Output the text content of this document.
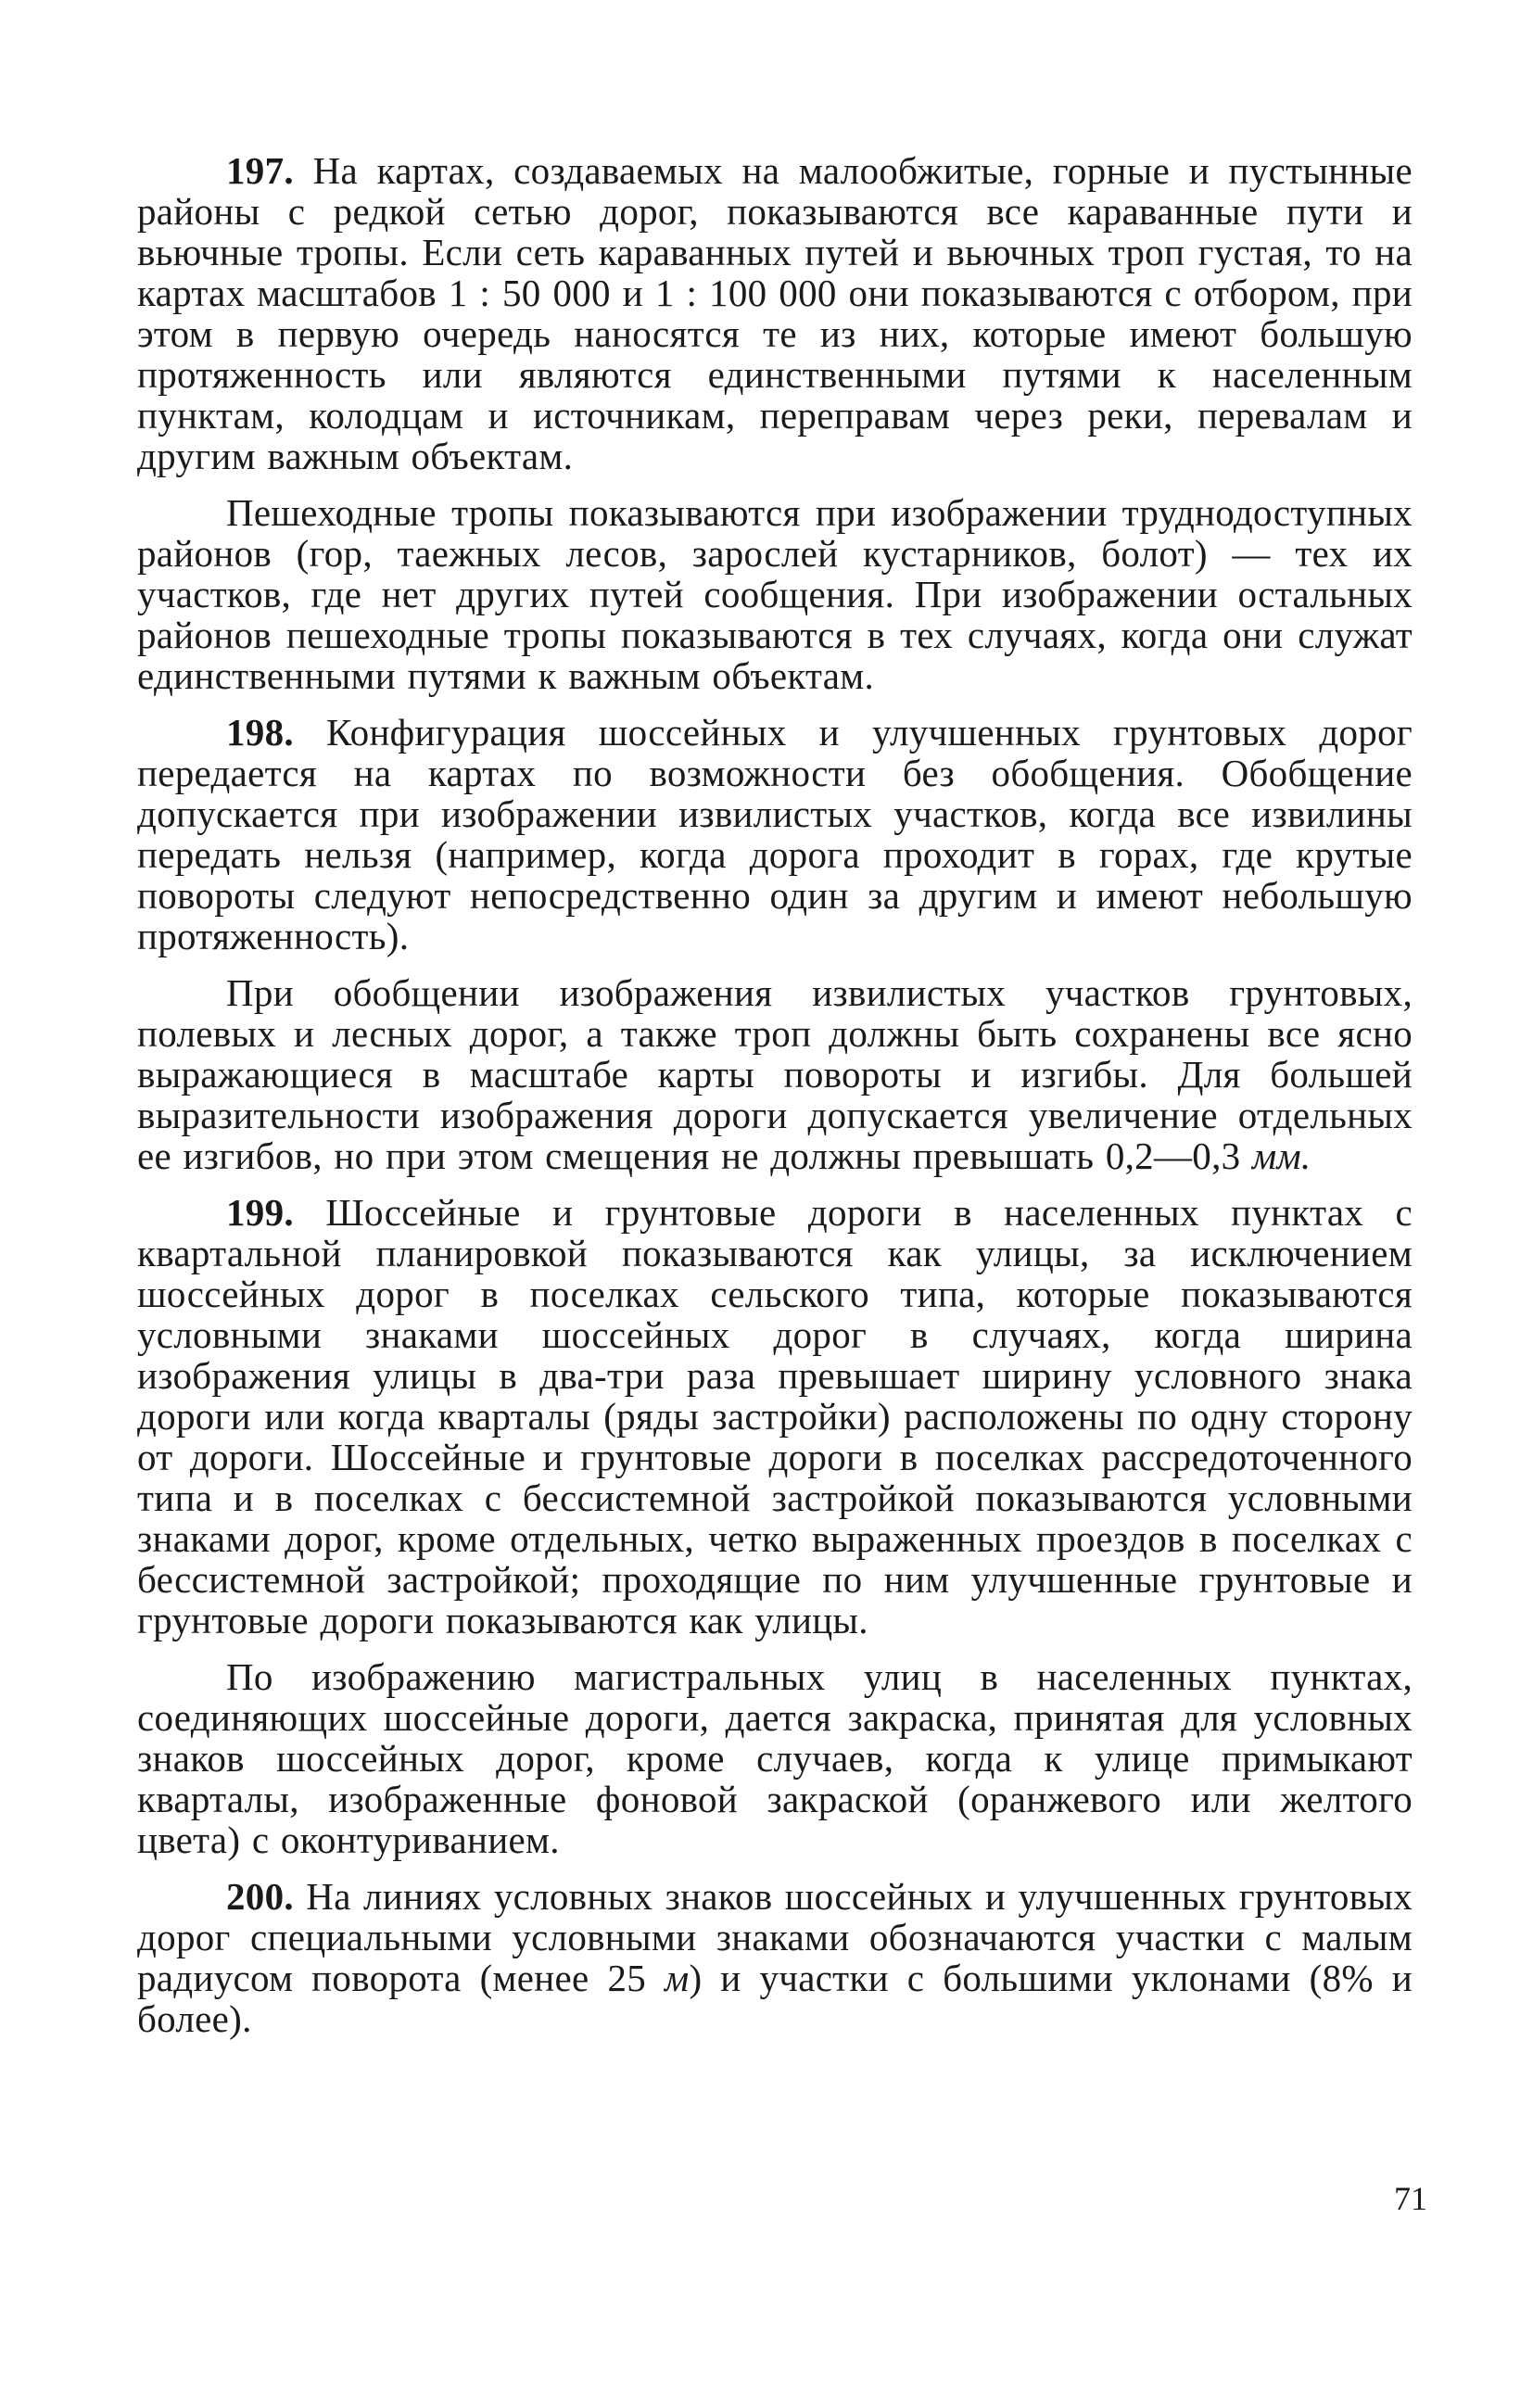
197. На картах, создаваемых на малообжитые, горные и пустынные районы с редкой сетью дорог, показываются все караванные пути и вьючные тропы. Если сеть караванных путей и вьючных троп густая, то на картах масштабов 1 : 50 000 и 1 : 100 000 они показываются с отбором, при этом в первую очередь наносятся те из них, которые имеют большую протяженность или являются единственными путями к населенным пунктам, колодцам и источникам, переправам через реки, перевалам и другим важным объектам.

Пешеходные тропы показываются при изображении труднодоступных районов (гор, таежных лесов, зарослей кустарников, болот) — тех их участков, где нет других путей сообщения. При изображении остальных районов пешеходные тропы показываются в тех случаях, когда они служат единственными путями к важным объектам.

198. Конфигурация шоссейных и улучшенных грунтовых дорог передается на картах по возможности без обобщения. Обобщение допускается при изображении извилистых участков, когда все извилины передать нельзя (например, когда дорога проходит в горах, где крутые повороты следуют непосредственно один за другим и имеют небольшую протяженность).

При обобщении изображения извилистых участков грунтовых, полевых и лесных дорог, а также троп должны быть сохранены все ясно выражающиеся в масштабе карты повороты и изгибы. Для большей выразительности изображения дороги допускается увеличение отдельных ее изгибов, но при этом смещения не должны превышать 0,2—0,3 мм.

199. Шоссейные и грунтовые дороги в населенных пунктах с квартальной планировкой показываются как улицы, за исключением шоссейных дорог в поселках сельского типа, которые показываются условными знаками шоссейных дорог в случаях, когда ширина изображения улицы в два-три раза превышает ширину условного знака дороги или когда кварталы (ряды застройки) расположены по одну сторону от дороги. Шоссейные и грунтовые дороги в поселках рассредоточенного типа и в поселках с бессистемной застройкой показываются условными знаками дорог, кроме отдельных, четко выраженных проездов в поселках с бессистемной застройкой; проходящие по ним улучшенные грунтовые и грунтовые дороги показываются как улицы.

По изображению магистральных улиц в населенных пунктах, соединяющих шоссейные дороги, дается закраска, принятая для условных знаков шоссейных дорог, кроме случаев, когда к улице примыкают кварталы, изображенные фоновой закраской (оранжевого или желтого цвета) с оконтуриванием.

200. На линиях условных знаков шоссейных и улучшенных грунтовых дорог специальными условными знаками обозначаются участки с малым радиусом поворота (менее 25 м) и участки с большими уклонами (8% и более).

71
